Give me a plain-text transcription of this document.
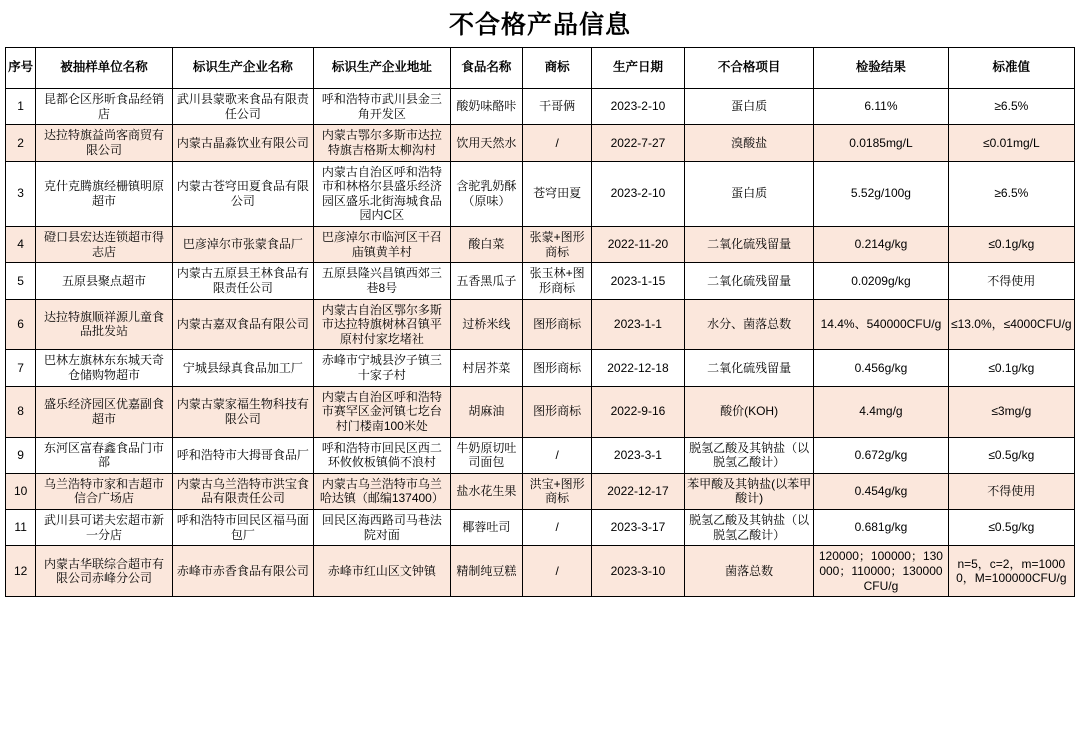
不合格产品信息
序号	被抽样单位名称	标识生产企业名称	标识生产企业地址	食品名称	商标	生产日期	不合格项目	检验结果	标准值
1	昆都仑区彤昕食品经销店	武川县蒙歌来食品有限责任公司	呼和浩特市武川县金三角开发区	酸奶味酪咔	干哥俩	2023-2-10	蛋白质	6.11%	≥6.5%
2	达拉特旗益尚客商贸有限公司	内蒙古晶淼饮业有限公司	内蒙古鄂尔多斯市达拉特旗吉格斯太柳沟村	饮用天然水	/	2022-7-27	溴酸盐	0.0185mg/L	≤0.01mg/L
3	克什克腾旗经栅镇明原超市	内蒙古苍穹田夏食品有限公司	内蒙古自治区呼和浩特市和林格尔县盛乐经济园区盛乐北街海城食品园内C区	含驼乳奶酥（原味）	苍穹田夏	2023-2-10	蛋白质	5.52g/100g	≥6.5%
4	磴口县宏达连锁超市得志店	巴彦淖尔市张蒙食品厂	巴彦淖尔市临河区干召庙镇黄羊村	酸白菜	张蒙+图形商标	2022-11-20	二氧化硫残留量	0.214g/kg	≤0.1g/kg
5	五原县聚点超市	内蒙古五原县王林食品有限责任公司	五原县隆兴昌镇西郊三巷8号	五香黑瓜子	张玉林+图形商标	2023-1-15	二氧化硫残留量	0.0209g/kg	不得使用
6	达拉特旗顺祥源儿童食品批发站	内蒙古嘉双食品有限公司	内蒙古自治区鄂尔多斯市达拉特旗树林召镇平原村付家圪堵社	过桥米线	图形商标	2023-1-1	水分、菌落总数	14.4%、540000CFU/g	≤13.0%，≤4000CFU/g
7	巴林左旗林东东城天奇仓储购物超市	宁城县绿真食品加工厂	赤峰市宁城县汐子镇三十家子村	村居芥菜	图形商标	2022-12-18	二氧化硫残留量	0.456g/kg	≤0.1g/kg
8	盛乐经济园区优嘉副食超市	内蒙古蒙家福生物科技有限公司	内蒙古自治区呼和浩特市赛罕区金河镇七圪台村门楼南100米处	胡麻油	图形商标	2022-9-16	酸价(KOH)	4.4mg/g	≤3mg/g
9	东河区富春鑫食品门市部	呼和浩特市大拇哥食品厂	呼和浩特市回民区西二环攸攸板镇倘不浪村	牛奶原切吐司面包	/	2023-3-1	脱氢乙酸及其钠盐（以脱氢乙酸计）	0.672g/kg	≤0.5g/kg
10	乌兰浩特市家和吉超市信合广场店	内蒙古乌兰浩特市洪宝食品有限责任公司	内蒙古乌兰浩特市乌兰哈达镇（邮编137400）	盐水花生果	洪宝+图形商标	2022-12-17	苯甲酸及其钠盐(以苯甲酸计)	0.454g/kg	不得使用
11	武川县可诺夫宏超市新一分店	呼和浩特市回民区福马面包厂	回民区海西路司马巷法院对面	椰蓉吐司	/	2023-3-17	脱氢乙酸及其钠盐（以脱氢乙酸计）	0.681g/kg	≤0.5g/kg
12	内蒙古华联综合超市有限公司赤峰分公司	赤峰市赤香食品有限公司	赤峰市红山区文钟镇	精制纯豆糕	/	2023-3-10	菌落总数	120000；100000；130000；110000；130000CFU/g	n=5，c=2，m=10000，M=100000CFU/g
